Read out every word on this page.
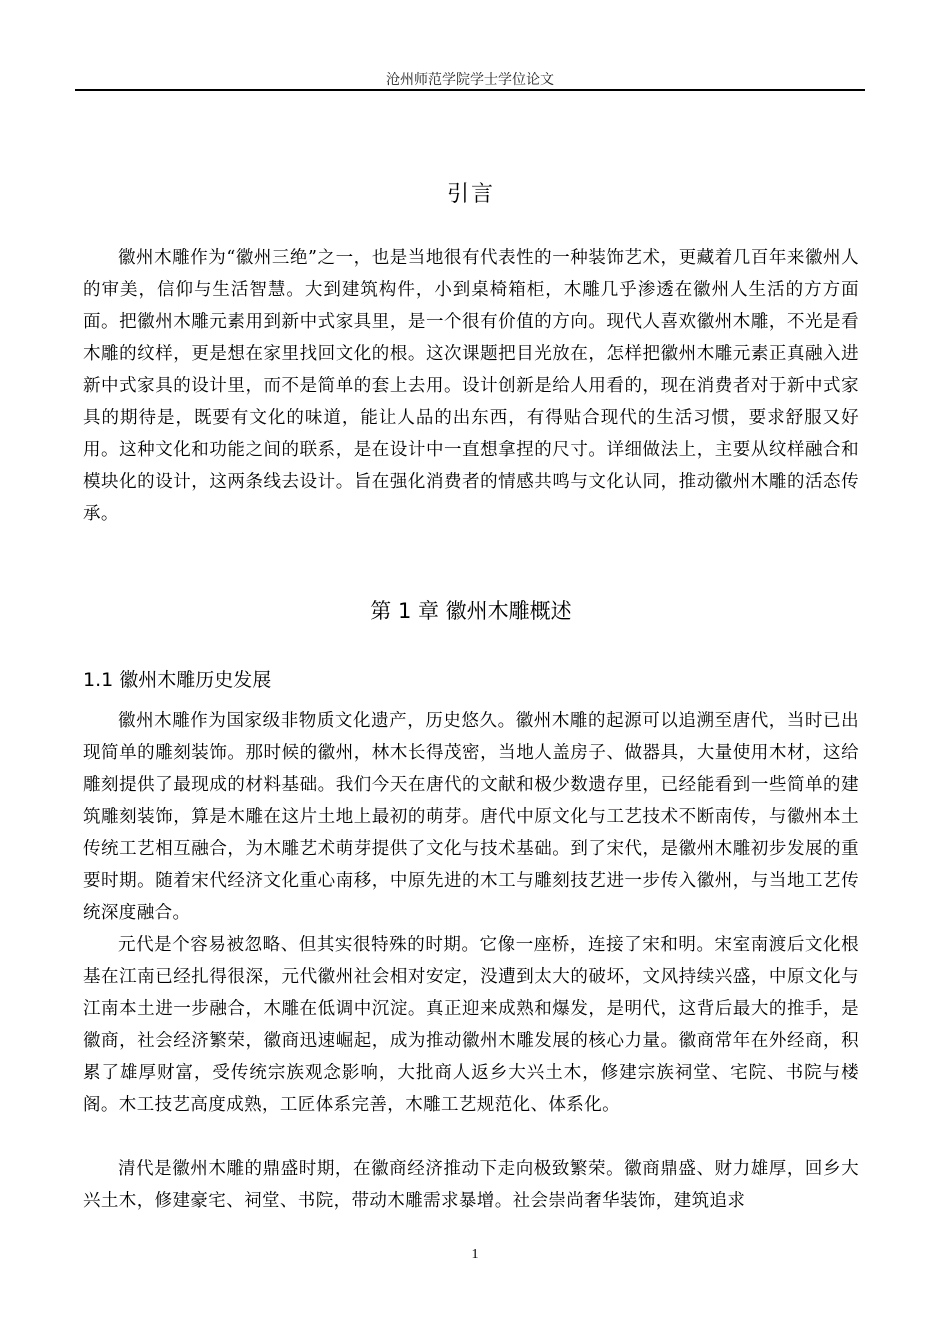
沧州师范学院学士学位论文
引言

徽州木雕作为“徽州三绝”之一，也是当地很有代表性的一种装饰艺术，更藏着几百年来徽州人的审美，信仰与生活智慧。大到建筑构件，小到桌椅箱柜，木雕几乎渗透在徽州人生活的方方面面。把徽州木雕元素用到新中式家具里，是一个很有价值的方向。现代人喜欢徽州木雕，不光是看木雕的纹样，更是想在家里找回文化的根。这次课题把目光放在，怎样把徽州木雕元素正真融入进新中式家具的设计里，而不是简单的套上去用。设计创新是给人用看的，现在消费者对于新中式家具的期待是，既要有文化的味道，能让人品的出东西，有得贴合现代的生活习惯，要求舒服又好用。这种文化和功能之间的联系，是在设计中一直想拿捏的尺寸。详细做法上，主要从纹样融合和模块化的设计，这两条线去设计。旨在强化消费者的情感共鸣与文化认同，推动徽州木雕的活态传承。

第 1 章 徽州木雕概述
1.1 徽州木雕历史发展

徽州木雕作为国家级非物质文化遗产，历史悠久。徽州木雕的起源可以追溯至唐代，当时已出现简单的雕刻装饰。那时候的徽州，林木长得茂密，当地人盖房子、做器具，大量使用木材，这给雕刻提供了最现成的材料基础。我们今天在唐代的文献和极少数遗存里，已经能看到一些简单的建筑雕刻装饰，算是木雕在这片土地上最初的萌芽。唐代中原文化与工艺技术不断南传，与徽州本土传统工艺相互融合，为木雕艺术萌芽提供了文化与技术基础。到了宋代，是徽州木雕初步发展的重要时期。随着宋代经济文化重心南移，中原先进的木工与雕刻技艺进一步传入徽州，与当地工艺传统深度融合。

元代是个容易被忽略、但其实很特殊的时期。它像一座桥，连接了宋和明。宋室南渡后文化根基在江南已经扎得很深，元代徽州社会相对安定，没遭到太大的破坏，文风持续兴盛，中原文化与江南本土进一步融合，木雕在低调中沉淀。真正迎来成熟和爆发，是明代，这背后最大的推手，是徽商，社会经济繁荣，徽商迅速崛起，成为推动徽州木雕发展的核心力量。徽商常年在外经商，积累了雄厚财富，受传统宗族观念影响，大批商人返乡大兴土木，修建宗族祠堂、宅院、书院与楼阁。木工技艺高度成熟，工匠体系完善，木雕工艺规范化、体系化。

清代是徽州木雕的鼎盛时期，在徽商经济推动下走向极致繁荣。徽商鼎盛、财力雄厚，回乡大兴土木，修建豪宅、祠堂、书院，带动木雕需求暴增。社会崇尚奢华装饰，建筑追求

1
